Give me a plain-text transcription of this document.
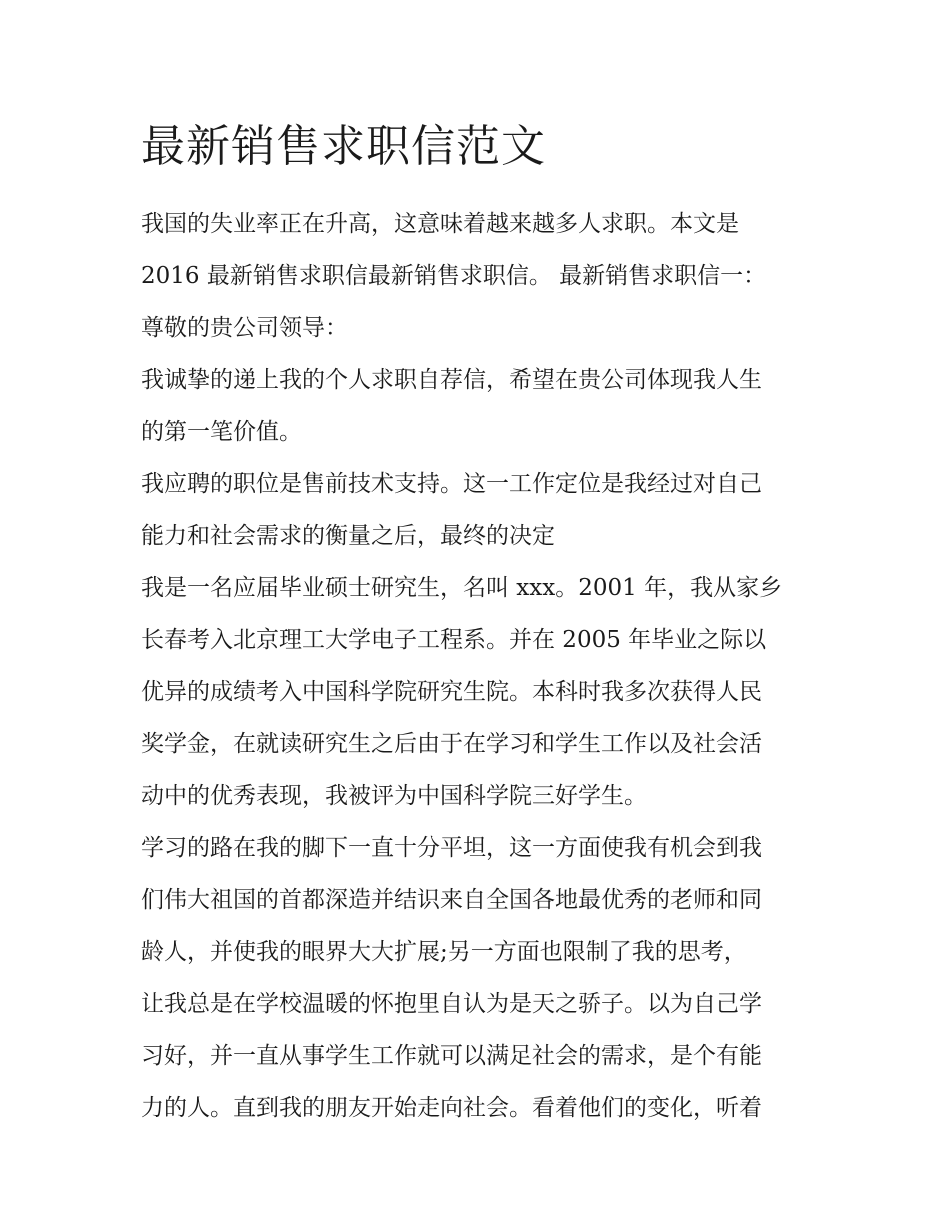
最新销售求职信范文
我国的失业率正在升高，这意味着越来越多人求职。本文是
2016 最新销售求职信最新销售求职信。 最新销售求职信一：
尊敬的贵公司领导：
我诚挚的递上我的个人求职自荐信，希望在贵公司体现我人生
的第一笔价值。
我应聘的职位是售前技术支持。这一工作定位是我经过对自己
能力和社会需求的衡量之后，最终的决定
我是一名应届毕业硕士研究生，名叫 xxx。2001 年，我从家乡
长春考入北京理工大学电子工程系。并在 2005 年毕业之际以
优异的成绩考入中国科学院研究生院。本科时我多次获得人民
奖学金，在就读研究生之后由于在学习和学生工作以及社会活
动中的优秀表现，我被评为中国科学院三好学生。
学习的路在我的脚下一直十分平坦，这一方面使我有机会到我
们伟大祖国的首都深造并结识来自全国各地最优秀的老师和同
龄人，并使我的眼界大大扩展;另一方面也限制了我的思考，
让我总是在学校温暖的怀抱里自认为是天之骄子。以为自己学
习好，并一直从事学生工作就可以满足社会的需求，是个有能
力的人。直到我的朋友开始走向社会。看着他们的变化，听着
